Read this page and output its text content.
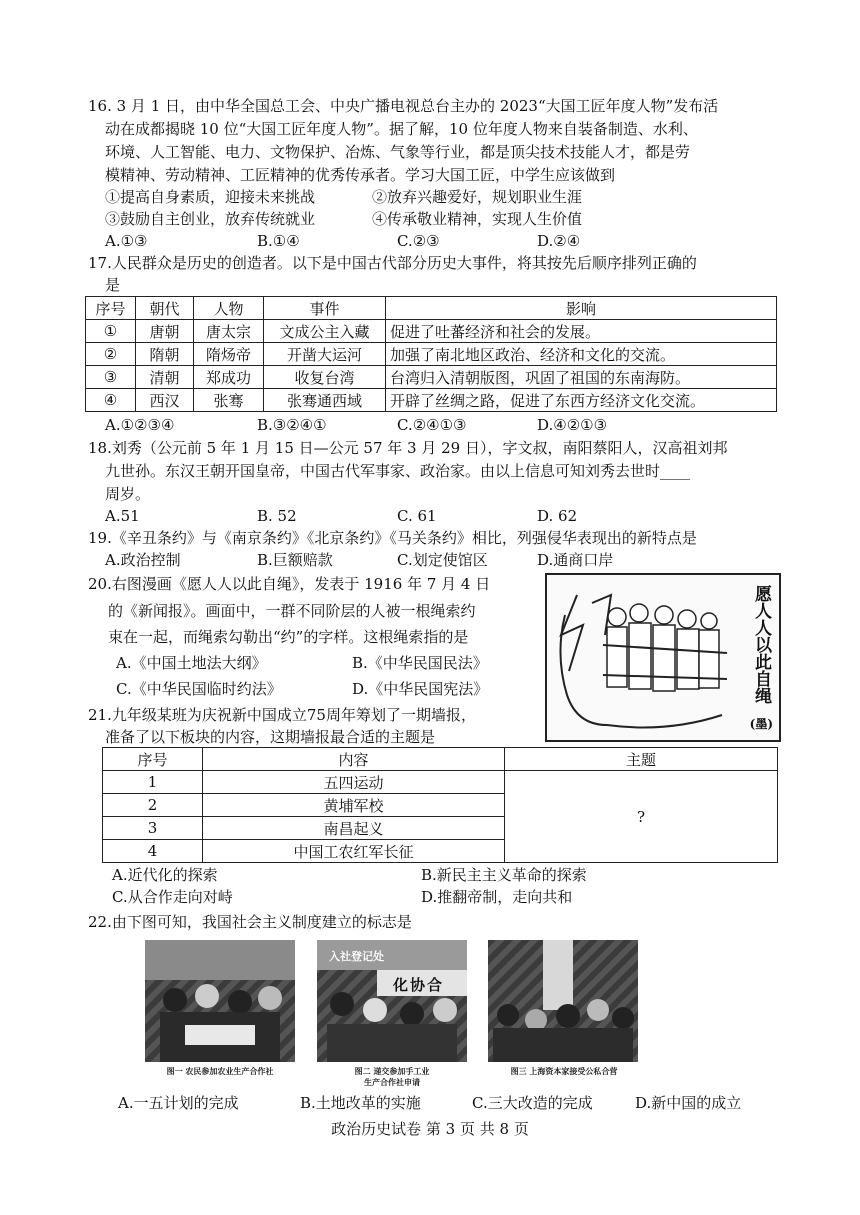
16. 3 月 1 日，由中华全国总工会、中央广播电视总台主办的 2023“大国工匠年度人物”发布活
动在成都揭晓 10 位“大国工匠年度人物”。据了解，10 位年度人物来自装备制造、水利、
环境、人工智能、电力、文物保护、冶炼、气象等行业，都是顶尖技术技能人才，都是劳
模精神、劳动精神、工匠精神的优秀传承者。学习大国工匠，中学生应该做到
①提高自身素质，迎接未来挑战	②放弃兴趣爱好，规划职业生涯
③鼓励自主创业，放弃传统就业	④传承敬业精神，实现人生价值
A.①③	B.①④	C.②③	D.②④
17.人民群众是历史的创造者。以下是中国古代部分历史大事件，将其按先后顺序排列正确的
是
序号	朝代	人物	事件	影响
①	唐朝	唐太宗	文成公主入藏	促进了吐蕃经济和社会的发展。
②	隋朝	隋炀帝	开凿大运河	加强了南北地区政治、经济和文化的交流。
③	清朝	郑成功	收复台湾	台湾归入清朝版图，巩固了祖国的东南海防。
④	西汉	张骞	张骞通西域	开辟了丝绸之路，促进了东西方经济文化交流。
A.①②③④	B.③②④①	C.②④①③	D.④②①③
18.刘秀（公元前 5 年 1 月 15 日—公元 57 年 3 月 29 日），字文叔，南阳蔡阳人，汉高祖刘邦
九世孙。东汉王朝开国皇帝，中国古代军事家、政治家。由以上信息可知刘秀去世时____
周岁。
A.51	B. 52	C. 61	D. 62
19.《辛丑条约》与《南京条约》《北京条约》《马关条约》相比，列强侵华表现出的新特点是
A.政治控制	B.巨额赔款	C.划定使馆区	D.通商口岸
20.右图漫画《愿人人以此自绳》，发表于 1916 年 7 月 4 日
的《新闻报》。画面中，一群不同阶层的人被一根绳索约
束在一起，而绳索勾勒出“约”的字样。这根绳索指的是
A.《中国土地法大纲》	B.《中华民国民法》
C.《中华民国临时约法》	D.《中华民国宪法》	愿人人以此自绳
(墨)
21.九年级某班为庆祝新中国成立75周年筹划了一期墙报，
准备了以下板块的内容，这期墙报最合适的主题是
序号	内容	主题
1	五四运动	?
2	黄埔军校	
3	南昌起义	
4	中国工农红军长征	
A.近代化的探索	B.新民主主义革命的探索
C.从合作走向对峙	D.推翻帝制，走向共和
22.由下图可知，我国社会主义制度建立的标志是
图一 农民参加农业生产合作社
入社登记处
化协合
图二 递交参加手工业
生产合作社申请
图三 上海资本家接受公私合营
A.一五计划的完成	B.土地改革的实施	C.三大改造的完成	D.新中国的成立
政治历史试卷 第 3 页 共 8 页
